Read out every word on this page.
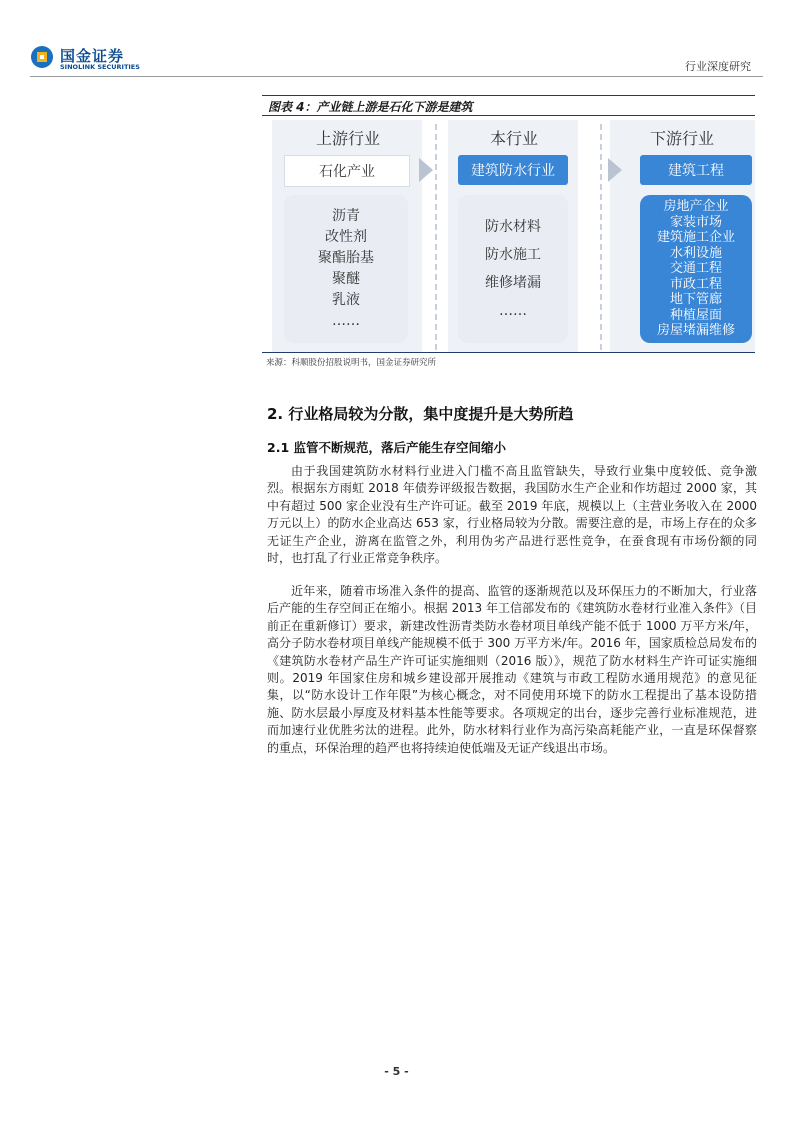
国金证券
SINOLINK SECURITIES	行业深度研究
图表 4：产业链上游是石化下游是建筑
上游行业	本行业	下游行业
石化产业	建筑防水行业	建筑工程
沥青
改性剂
聚酯胎基
聚醚
乳液
……
防水材料
防水施工
维修堵漏
……
房地产企业
家装市场
建筑施工企业
水利设施
交通工程
市政工程
地下管廊
种植屋面
房屋堵漏维修
来源：科顺股份招股说明书，国金证券研究所
2. 行业格局较为分散，集中度提升是大势所趋
2.1 监管不断规范，落后产能生存空间缩小
由于我国建筑防水材料行业进入门槛不高且监管缺失，导致行业集中度较低、竞争激烈。根据东方雨虹 2018 年债券评级报告数据，我国防水生产企业和作坊超过 2000 家，其中有超过 500 家企业没有生产许可证。截至 2019 年底，规模以上（主营业务收入在 2000 万元以上）的防水企业高达 653 家，行业格局较为分散。需要注意的是，市场上存在的众多无证生产企业，游离在监管之外，利用伪劣产品进行恶性竞争，在蚕食现有市场份额的同时，也打乱了行业正常竞争秩序。
近年来，随着市场准入条件的提高、监管的逐渐规范以及环保压力的不断加大，行业落后产能的生存空间正在缩小。根据 2013 年工信部发布的《建筑防水卷材行业准入条件》（目前正在重新修订）要求，新建改性沥青类防水卷材项目单线产能不低于 1000 万平方米/年，高分子防水卷材项目单线产能规模不低于 300 万平方米/年。2016 年，国家质检总局发布的《建筑防水卷材产品生产许可证实施细则（2016 版）》，规范了防水材料生产许可证实施细则。2019 年国家住房和城乡建设部开展推动《建筑与市政工程防水通用规范》的意见征集，以“防水设计工作年限”为核心概念，对不同使用环境下的防水工程提出了基本设防措施、防水层最小厚度及材料基本性能等要求。各项规定的出台，逐步完善行业标准规范，进而加速行业优胜劣汰的进程。此外，防水材料行业作为高污染高耗能产业，一直是环保督察的重点，环保治理的趋严也将持续迫使低端及无证产线退出市场。
- 5 -
